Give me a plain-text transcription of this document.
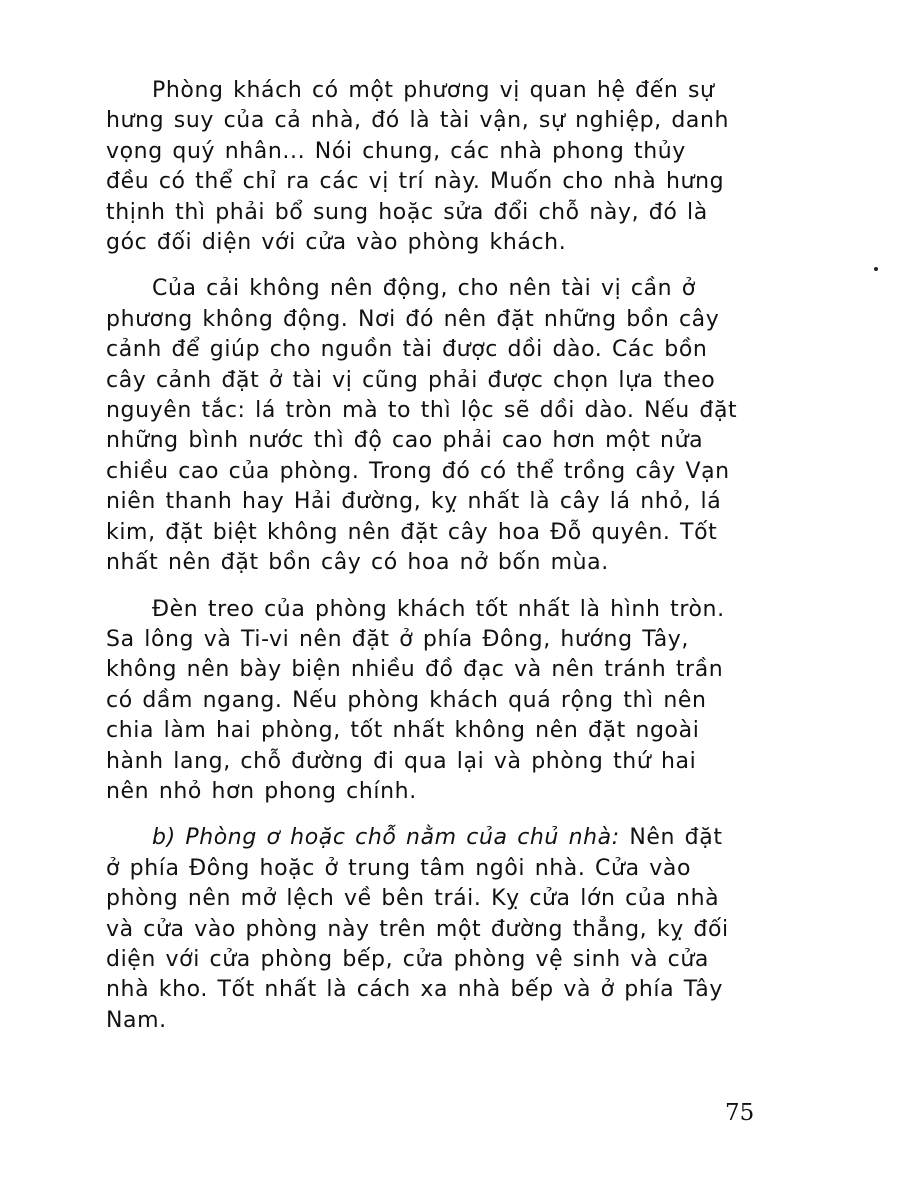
Phòng khách có một phương vị quan hệ đến sự
hưng suy của cả nhà, đó là tài vận, sự nghiệp, danh
vọng quý nhân... Nói chung, các nhà phong thủy
đều có thể chỉ ra các vị trí này. Muốn cho nhà hưng
thịnh thì phải bổ sung hoặc sửa đổi chỗ này, đó là
góc đối diện với cửa vào phòng khách.
Của cải không nên động, cho nên tài vị cần ở
phương không động. Nơi đó nên đặt những bồn cây
cảnh để giúp cho nguồn tài được dồi dào. Các bồn
cây cảnh đặt ở tài vị cũng phải được chọn lựa theo
nguyên tắc: lá tròn mà to thì lộc sẽ dồi dào. Nếu đặt
những bình nước thì độ cao phải cao hơn một nửa
chiều cao của phòng. Trong đó có thể trồng cây Vạn
niên thanh hay Hải đường, kỵ nhất là cây lá nhỏ, lá
kim, đặt biệt không nên đặt cây hoa Đỗ quyên. Tốt
nhất nên đặt bồn cây có hoa nở bốn mùa.
Đèn treo của phòng khách tốt nhất là hình tròn.
Sa lông và Ti-vi nên đặt ở phía Đông, hướng Tây,
không nên bày biện nhiều đồ đạc và nên tránh trần
có dầm ngang. Nếu phòng khách quá rộng thì nên
chia làm hai phòng, tốt nhất không nên đặt ngoài
hành lang, chỗ đường đi qua lại và phòng thứ hai
nên nhỏ hơn phong chính.
b) Phòng ơ hoặc chỗ nằm của chủ nhà: Nên đặt
ở phía Đông hoặc ở trung tâm ngôi nhà. Cửa vào
phòng nên mở lệch về bên trái. Kỵ cửa lớn của nhà
và cửa vào phòng này trên một đường thẳng, kỵ đối
diện với cửa phòng bếp, cửa phòng vệ sinh và cửa
nhà kho. Tốt nhất là cách xa nhà bếp và ở phía Tây
Nam.
75
